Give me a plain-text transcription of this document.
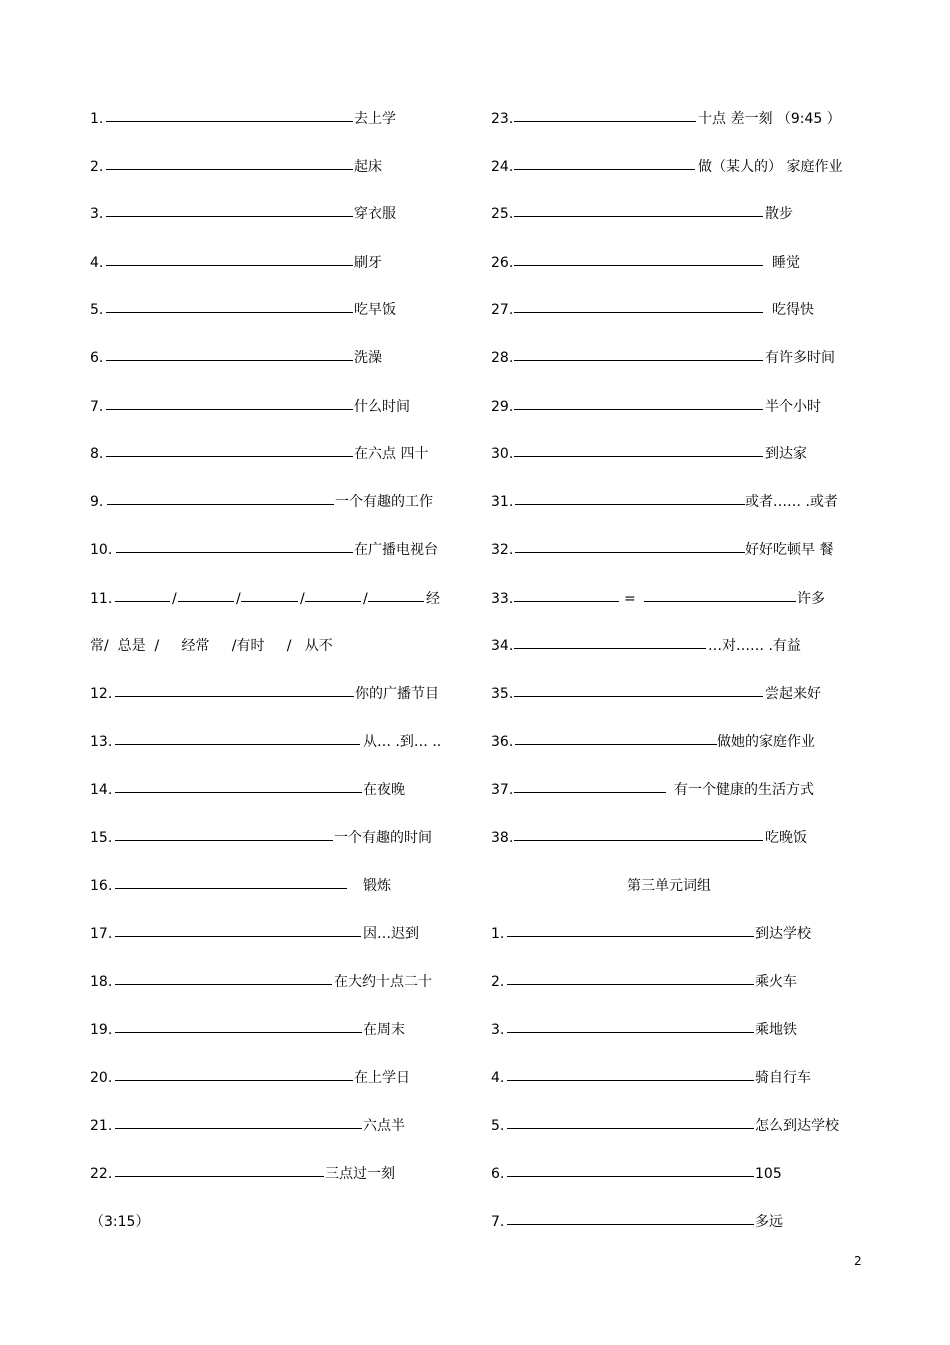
1.	去上学
2.	起床
3.	穿衣服
4.	刷牙
5.	吃早饭
6.	洗澡
7.	什么时间
8.	在六点 四十
9.	一个有趣的工作
10.	在广播电视台
11.	经
/	/	/	/
常/  总是  /     经常     /有时     /   从不
12.	你的广播节目
13.	从… .到… ..
14.	在夜晚
15.	一个有趣的时间
16.	锻炼
17.	因…迟到
18.	在大约十点二十
19.	在周末
20.	在上学日
21.	六点半
22.	三点过一刻
（3:15）
23.	十点 差一刻 （9:45 ）
24.	做（某人的） 家庭作业
25.	散步
26.	睡觉
27.	吃得快
28.	有许多时间
29.	半个小时
30.	到达家
31.	或者…… .或者
32.	好好吃顿早 餐
33.	许多
=
34.	…对…… .有益
35.	尝起来好
36.	做她的家庭作业
37.	有一个健康的生活方式
38.	吃晚饭
第三单元词组
1.	到达学校
2.	乘火车
3.	乘地铁
4.	骑自行车
5.	怎么到达学校
6.	105
7.	多远
2
